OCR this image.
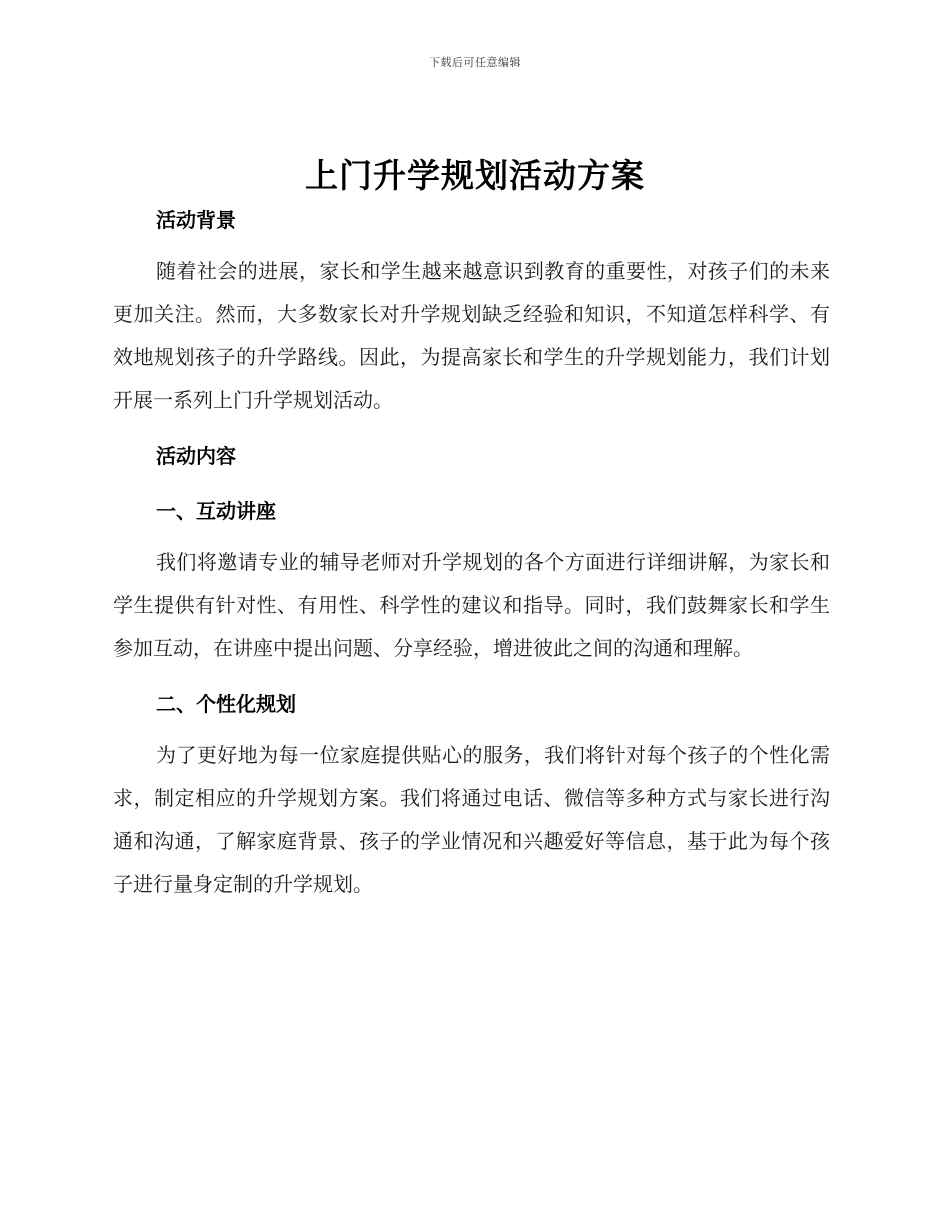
下载后可任意编辑
上门升学规划活动方案
活动背景

随着社会的进展，家长和学生越来越意识到教育的重要性，对孩子们的未来更加关注。然而，大多数家长对升学规划缺乏经验和知识，不知道怎样科学、有效地规划孩子的升学路线。因此，为提高家长和学生的升学规划能力，我们计划开展一系列上门升学规划活动。

活动内容
一、互动讲座

我们将邀请专业的辅导老师对升学规划的各个方面进行详细讲解，为家长和学生提供有针对性、有用性、科学性的建议和指导。同时，我们鼓舞家长和学生参加互动，在讲座中提出问题、分享经验，增进彼此之间的沟通和理解。

二、个性化规划

为了更好地为每一位家庭提供贴心的服务，我们将针对每个孩子的个性化需求，制定相应的升学规划方案。我们将通过电话、微信等多种方式与家长进行沟通和沟通，了解家庭背景、孩子的学业情况和兴趣爱好等信息，基于此为每个孩子进行量身定制的升学规划。
